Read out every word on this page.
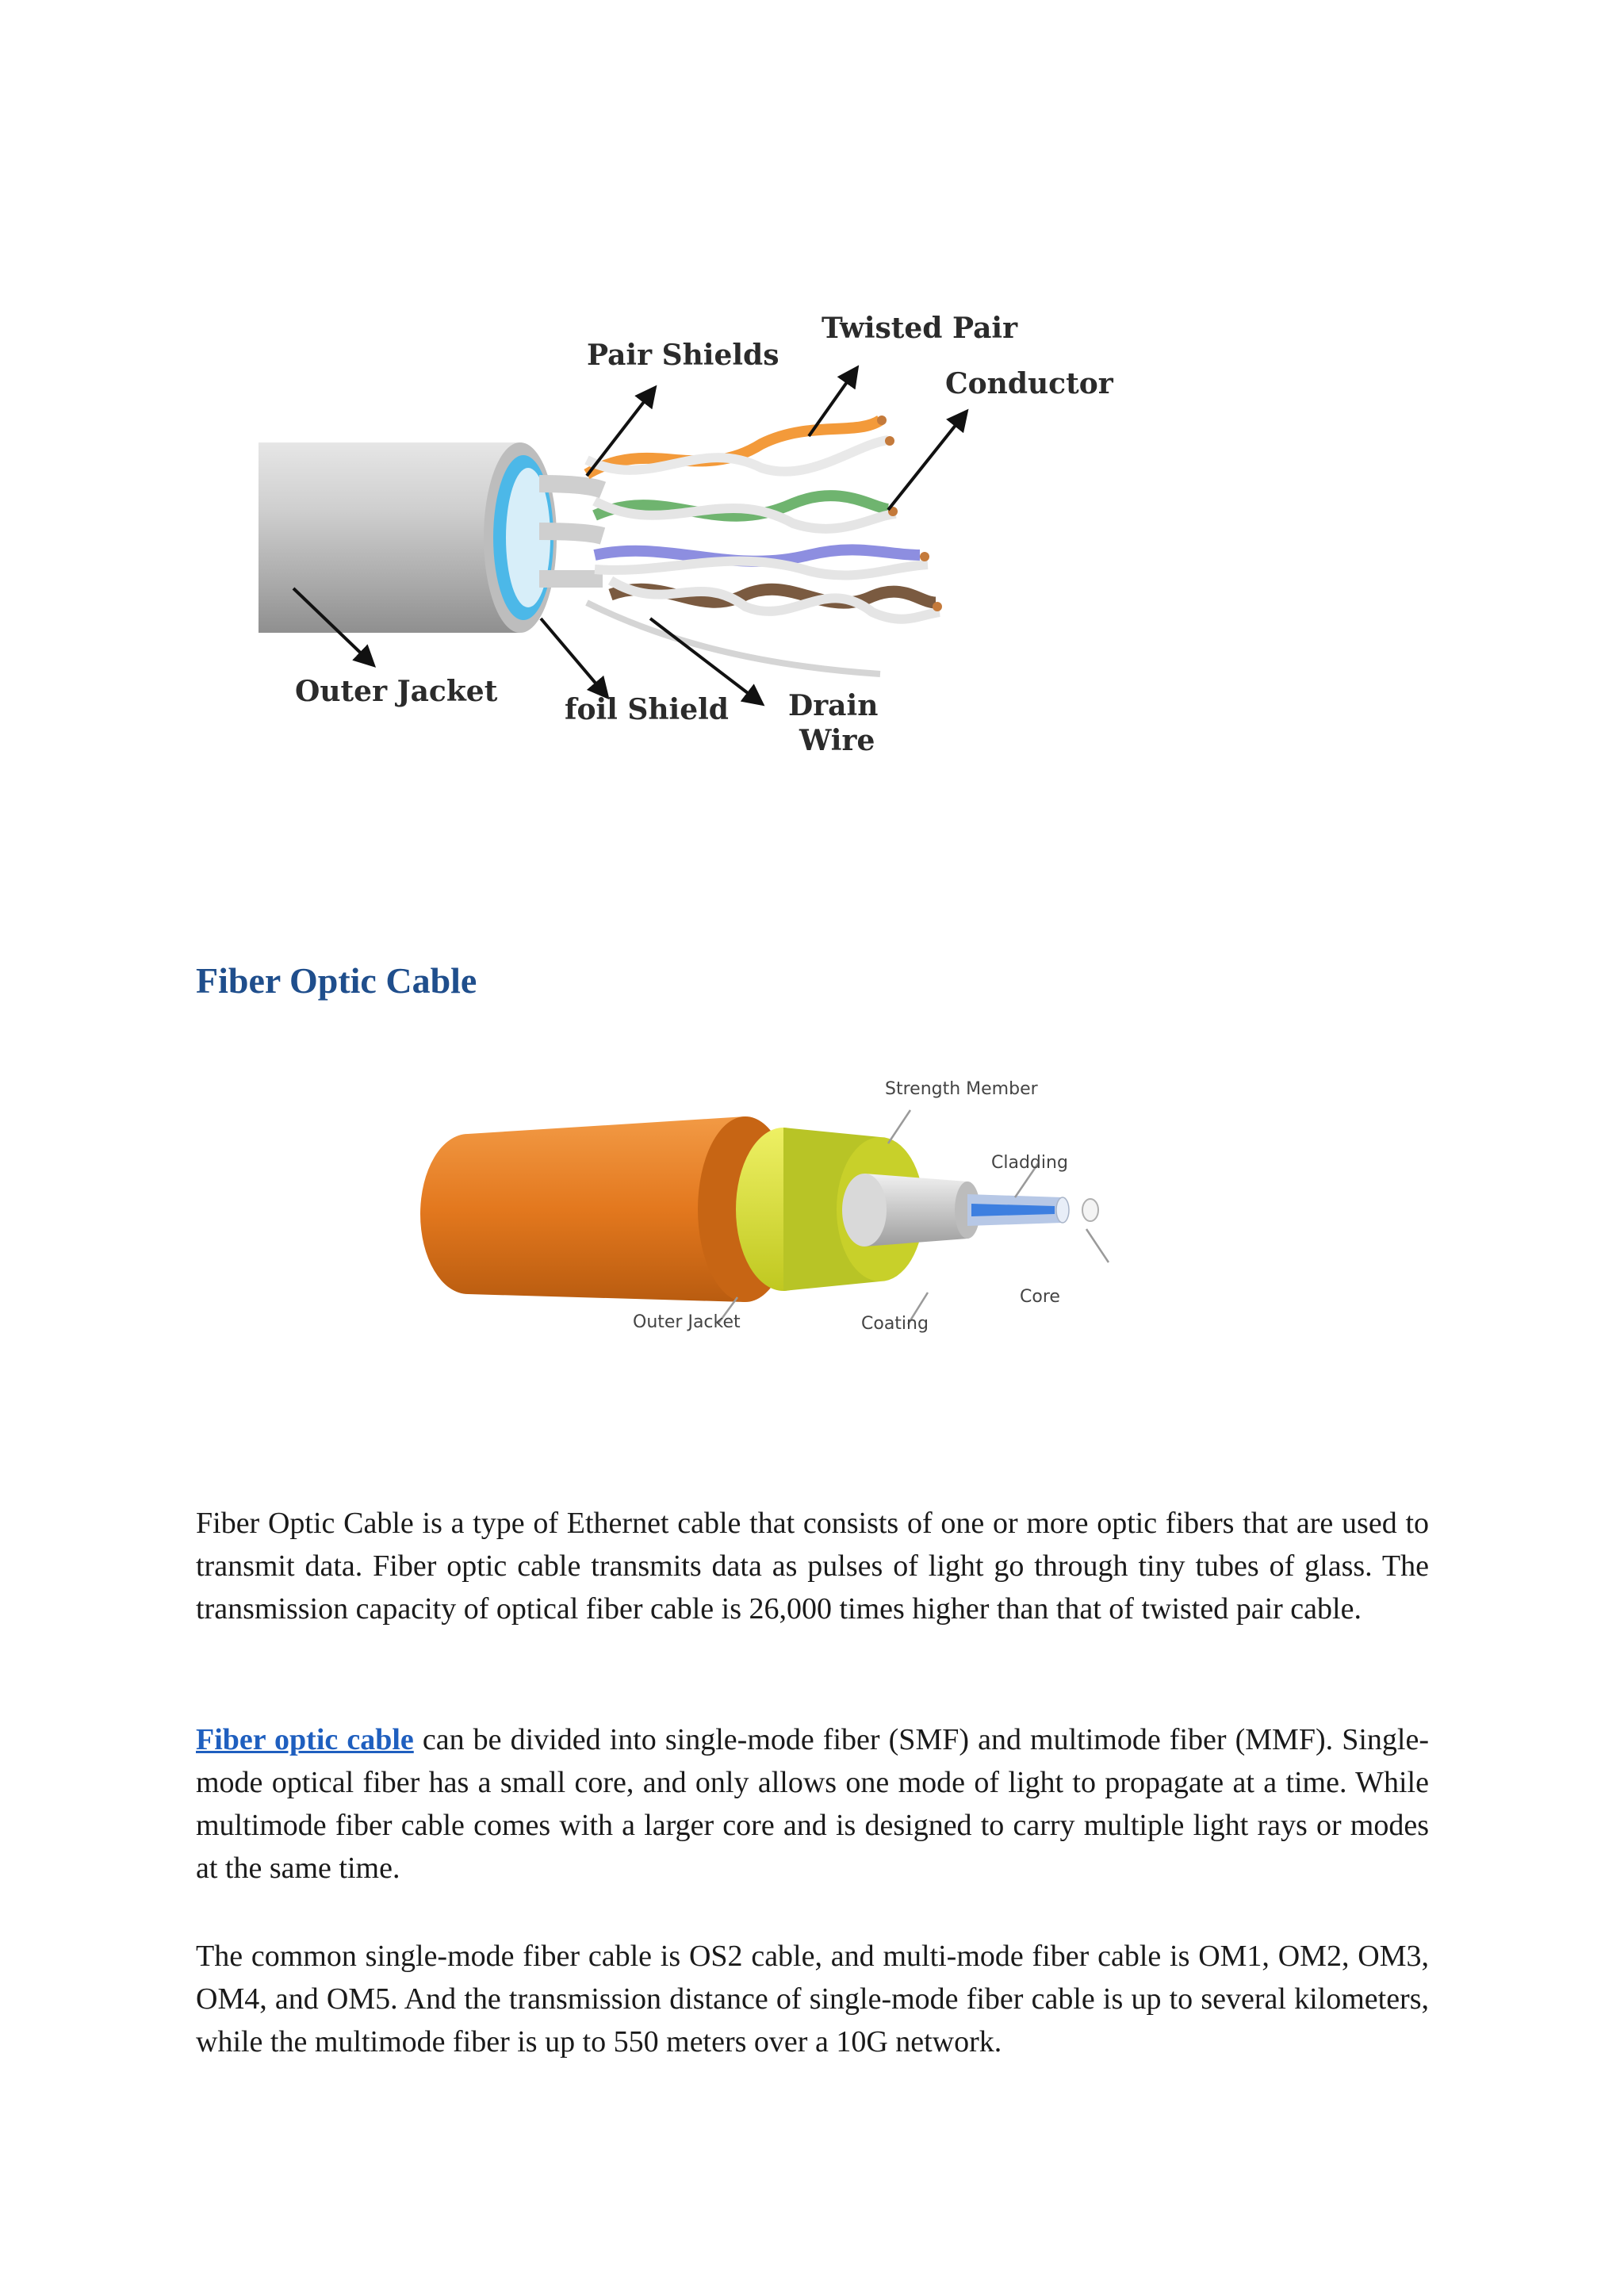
Pair Shields
Twisted Pair
Conductor
Outer Jacket
foil Shield Drain
Wire
Fiber Optic Cable
Strength Member
Cladding
Core
Outer Jacket	Coating

Fiber Optic Cable is a type of Ethernet cable that consists of one or more optic fibers that are used to transmit data. Fiber optic cable transmits data as pulses of light go through tiny tubes of glass. The transmission capacity of optical fiber cable is 26,000 times higher than that of twisted pair cable.

Fiber optic cable can be divided into single-mode fiber (SMF) and multimode fiber (MMF). Single-mode optical fiber has a small core, and only allows one mode of light to propagate at a time. While multimode fiber cable comes with a larger core and is designed to carry multiple light rays or modes at the same time.

The common single-mode fiber cable is OS2 cable, and multi-mode fiber cable is OM1, OM2, OM3, OM4, and OM5. And the transmission distance of single-mode fiber cable is up to several kilometers, while the multimode fiber is up to 550 meters over a 10G network.
